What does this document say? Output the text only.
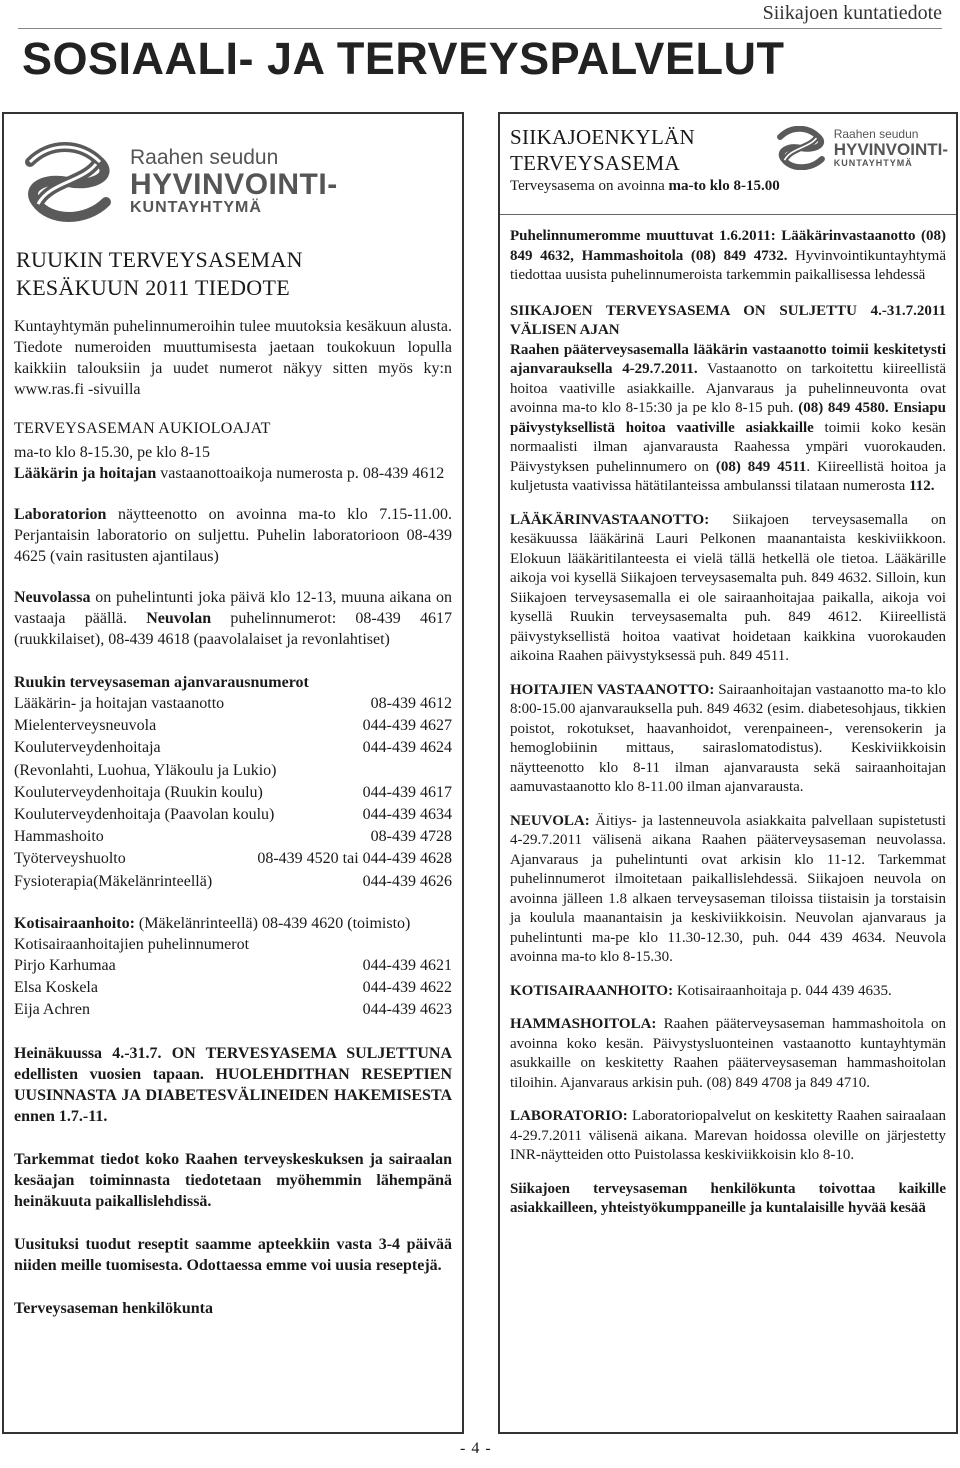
Siikajoen kuntatiedote
SOSIAALI- JA TERVEYSPALVELUT
Raahen seudun
HYVINVOINTI-
KUNTAYHTYMÄ
RUUKIN TERVEYSASEMAN
KESÄKUUN 2011 TIEDOTE

Kuntayhtymän puhelinnumeroihin tulee muutoksia kesäkuun alusta. Tiedote numeroiden muuttumisesta jaetaan toukokuun lopulla kaikkiin talouksiin ja uudet numerot näkyy sitten myös ky:n www.ras.fi -sivuilla

TERVEYSASEMAN AUKIOLOAJAT

ma-to klo 8-15.30, pe klo 8-15

Lääkärin ja hoitajan vastaanottoaikoja numerosta p. 08-439 4612

Laboratorion näytteenotto on avoinna ma-to klo 7.15-11.00. Perjantaisin laboratorio on suljettu. Puhelin laboratorioon 08-439 4625 (vain rasitusten ajantilaus)

Neuvolassa on puhelintunti joka päivä klo 12-13, muuna aikana on vastaaja päällä. Neuvolan puhelinnumerot: 08-439 4617 (ruukkilaiset), 08-439 4618 (paavolalaiset ja revonlahtiset)

Ruukin terveysaseman ajanvarausnumerot

Lääkärin- ja hoitajan vastaanotto	08-439 4612
Mielenterveysneuvola	044-439 4627
Kouluterveydenhoitaja	044-439 4624
(Revonlahti, Luohua, Yläkoulu ja Lukio)
Kouluterveydenhoitaja (Ruukin koulu)	044-439 4617
Kouluterveydenhoitaja (Paavolan koulu)	044-439 4634
Hammashoito	08-439 4728
Työterveyshuolto	08-439 4520 tai 044-439 4628
Fysioterapia(Mäkelänrinteellä)	044-439 4626

Kotisairaanhoito: (Mäkelänrinteellä) 08-439 4620 (toimisto)

Kotisairaanhoitajien puhelinnumerot

Pirjo Karhumaa	044-439 4621
Elsa Koskela	044-439 4622
Eija Achren	044-439 4623

Heinäkuussa 4.-31.7. ON TERVESYASEMA SULJETTUNA edellisten vuosien tapaan. HUOLEHDITHAN RESEPTIEN UUSINNASTA JA DIABETESVÄLINEIDEN HAKEMISESTA ennen 1.7.-11.

Tarkemmat tiedot koko Raahen terveyskeskuksen ja sairaalan kesäajan toiminnasta tiedotetaan myöhemmin lähempänä heinäkuuta paikallislehdissä.

Uusituksi tuodut reseptit saamme apteekkiin vasta 3-4 päivää niiden meille tuomisesta. Odottaessa emme voi uusia reseptejä.

Terveysaseman henkilökunta

SIIKAJOENKYLÄN
TERVEYSASEMA
Terveysasema on avoinna ma-to klo 8-15.00
Raahen seudun
HYVINVOINTI-
KUNTAYHTYMÄ

Puhelinnumeromme muuttuvat 1.6.2011: Lääkärinvastaanotto (08) 849 4632, Hammashoitola (08) 849 4732. Hyvinvointikuntayhtymä tiedottaa uusista puhelinnumeroista tarkemmin paikallisessa lehdessä

SIIKAJOEN TERVEYSASEMA ON SULJETTU 4.-31.7.2011 VÄLISEN AJAN
Raahen pääterveysasemalla lääkärin vastaanotto toimii keskitetysti ajanvarauksella 4-29.7.2011. Vastaanotto on tarkoitettu kiireellistä hoitoa vaativille asiakkaille. Ajanvaraus ja puhelinneuvonta ovat avoinna ma-to klo 8-15:30 ja pe klo 8-15 puh. (08) 849 4580. Ensiapu päivystyksellistä hoitoa vaativille asiakkaille toimii koko kesän normaalisti ilman ajanvarausta Raahessa ympäri vuorokauden. Päivystyksen puhelinnumero on (08) 849 4511. Kiireellistä hoitoa ja kuljetusta vaativissa hätätilanteissa ambulanssi tilataan numerosta 112.

LÄÄKÄRINVASTAANOTTO: Siikajoen terveysasemalla on kesäkuussa lääkärinä Lauri Pelkonen maanantaista keskiviikkoon. Elokuun lääkäritilanteesta ei vielä tällä hetkellä ole tietoa. Lääkärille aikoja voi kysellä Siikajoen terveysasemalta puh. 849 4632. Silloin, kun Siikajoen terveysasemalla ei ole sairaanhoitajaa paikalla, aikoja voi kysellä Ruukin terveysasemalta puh. 849 4612. Kiireellistä päivystyksellistä hoitoa vaativat hoidetaan kaikkina vuorokauden aikoina Raahen päivystyksessä puh. 849 4511.

HOITAJIEN VASTAANOTTO: Sairaanhoitajan vastaanotto ma-to klo 8:00-15.00 ajanvarauksella puh. 849 4632 (esim. diabetesohjaus, tikkien poistot, rokotukset, haavanhoidot, verenpaineen-, verensokerin ja hemoglobiinin mittaus, sairaslomatodistus). Keskiviikkoisin näytteenotto klo 8-11 ilman ajanvarausta sekä sairaanhoitajan aamuvastaanotto klo 8-11.00 ilman ajanvarausta.

NEUVOLA: Äitiys- ja lastenneuvola asiakkaita palvellaan supistetusti 4-29.7.2011 välisenä aikana Raahen pääterveysaseman neuvolassa. Ajanvaraus ja puhelintunti ovat arkisin klo 11-12. Tarkemmat puhelinnumerot ilmoitetaan paikallislehdessä. Siikajoen neuvola on avoinna jälleen 1.8 alkaen terveysaseman tiloissa tiistaisin ja torstaisin ja koulula maanantaisin ja keskiviikkoisin. Neuvolan ajanvaraus ja puhelintunti ma-pe klo 11.30-12.30, puh. 044 439 4634. Neuvola avoinna ma-to klo 8-15.30.

KOTISAIRAANHOITO: Kotisairaanhoitaja p. 044 439 4635.

HAMMASHOITOLA: Raahen pääterveysaseman hammashoitola on avoinna koko kesän. Päivystysluonteinen vastaanotto kuntayhtymän asukkaille on keskitetty Raahen pääterveysaseman hammashoitolan tiloihin. Ajanvaraus arkisin puh. (08) 849 4708 ja 849 4710.

LABORATORIO: Laboratoriopalvelut on keskitetty Raahen sairaalaan 4-29.7.2011 välisenä aikana. Marevan hoidossa oleville on järjestetty INR-näytteiden otto Puistolassa keskiviikkoisin klo 8-10.

Siikajoen terveysaseman henkilökunta toivottaa kaikille asiakkailleen, yhteistyökumppaneille ja kuntalaisille hyvää kesää

- 4 -
